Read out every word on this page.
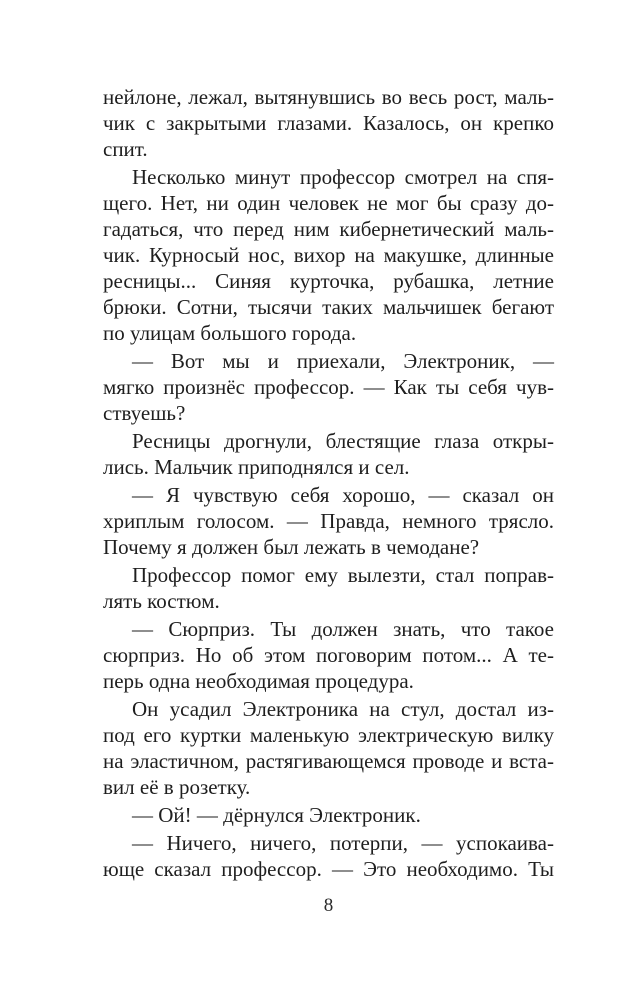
нейлоне, лежал, вытянувшись во весь рост, маль-
чик с закрытыми глазами. Казалось, он крепко
спит.
Несколько минут профессор смотрел на спя-
щего. Нет, ни один человек не мог бы сразу до-
гадаться, что перед ним кибернетический маль-
чик. Курносый нос, вихор на макушке, длинные
ресницы... Синяя курточка, рубашка, летние
брюки. Сотни, тысячи таких мальчишек бегают
по улицам большого города.
— Вот мы и приехали, Электроник, —
мягко произнёс профессор. — Как ты себя чув-
ствуешь?
Ресницы дрогнули, блестящие глаза откры-
лись. Мальчик приподнялся и сел.
— Я чувствую себя хорошо, — сказал он
хриплым голосом. — Правда, немного трясло.
Почему я должен был лежать в чемодане?
Профессор помог ему вылезти, стал поправ-
лять костюм.
— Сюрприз. Ты должен знать, что такое
сюрприз. Но об этом поговорим потом... А те-
перь одна необходимая процедура.
Он усадил Электроника на стул, достал из-
под его куртки маленькую электрическую вилку
на эластичном, растягивающемся проводе и вста-
вил её в розетку.
— Ой! — дёрнулся Электроник.
— Ничего, ничего, потерпи, — успокаива-
юще сказал профессор. — Это необходимо. Ты
8
